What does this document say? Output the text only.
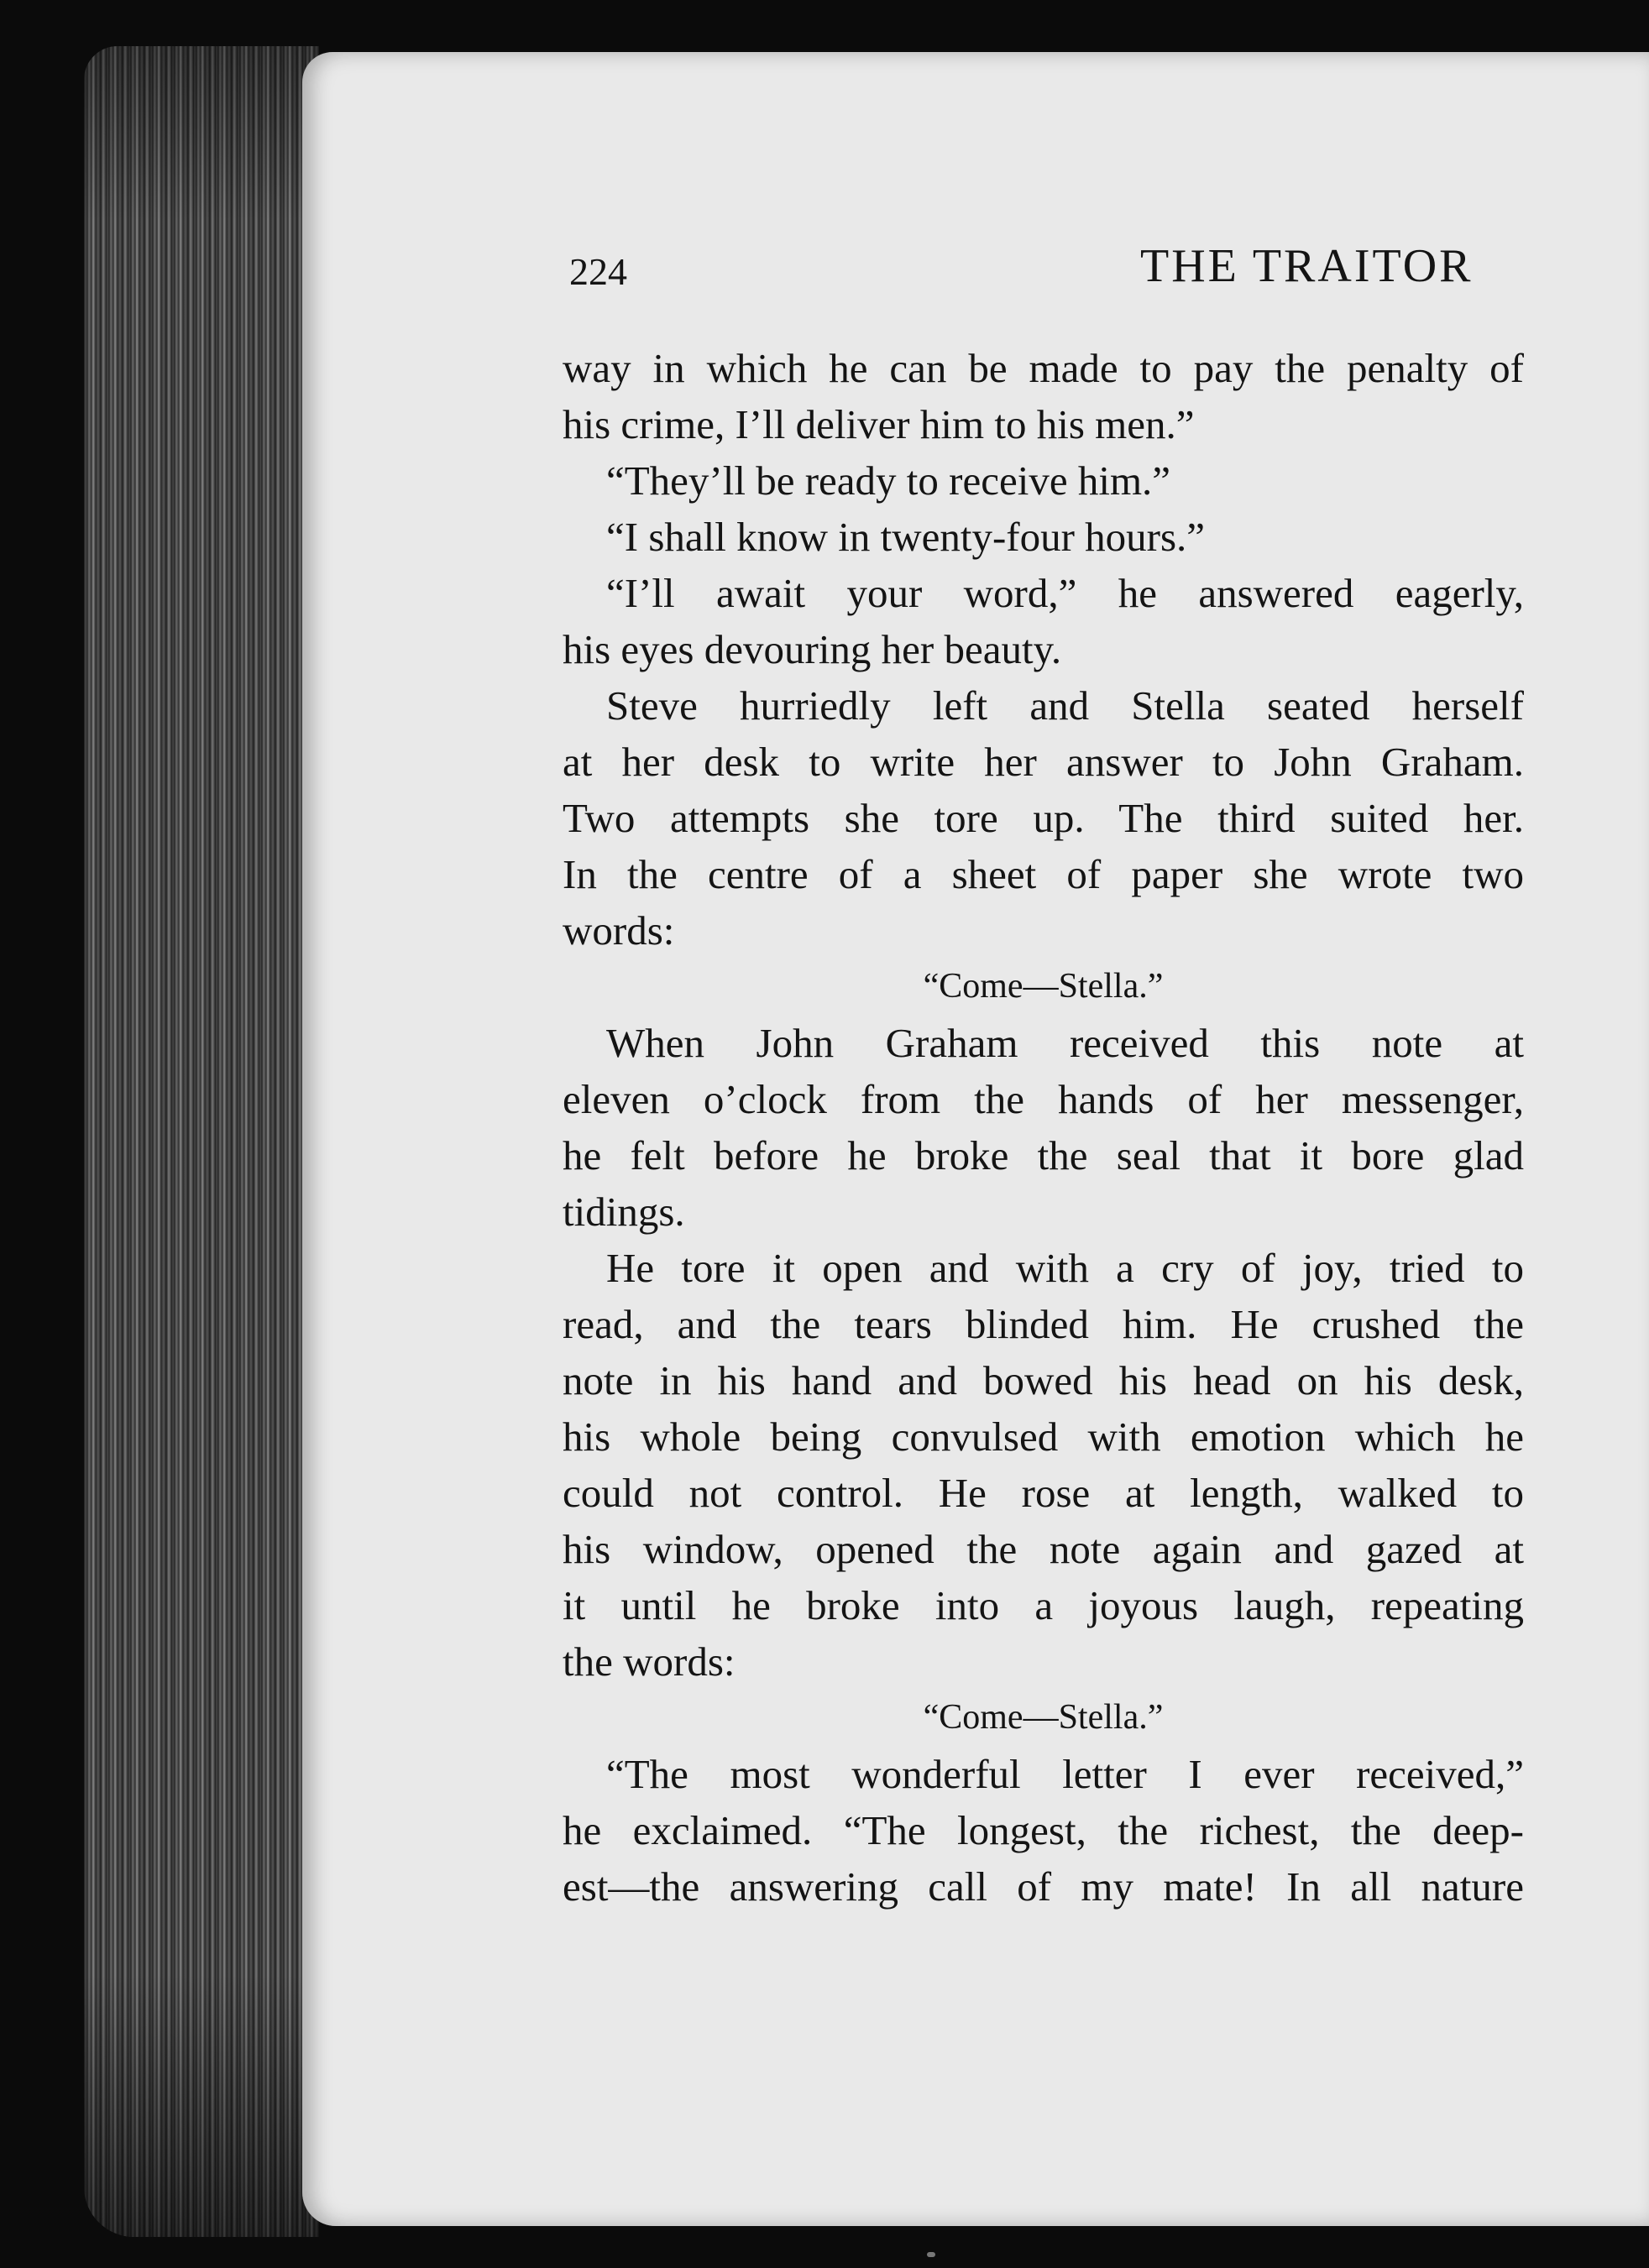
224	THE TRAITOR
way in which he can be made to pay the penalty of
his crime, I’ll deliver him to his men.”
“They’ll be ready to receive him.”
“I shall know in twenty-four hours.”
“I’ll await your word,” he answered eagerly,
his eyes devouring her beauty.
Steve hurriedly left and Stella seated herself
at her desk to write her answer to John Graham.
Two attempts she tore up. The third suited her.
In the centre of a sheet of paper she wrote two
words:
“Come—Stella.”
When John Graham received this note at
eleven o’clock from the hands of her messenger,
he felt before he broke the seal that it bore glad
tidings.
He tore it open and with a cry of joy, tried to
read, and the tears blinded him. He crushed the
note in his hand and bowed his head on his desk,
his whole being convulsed with emotion which he
could not control. He rose at length, walked to
his window, opened the note again and gazed at
it until he broke into a joyous laugh, repeating
the words:
“Come—Stella.”
“The most wonderful letter I ever received,”
he exclaimed. “The longest, the richest, the deep-
est—the answering call of my mate! In all nature
